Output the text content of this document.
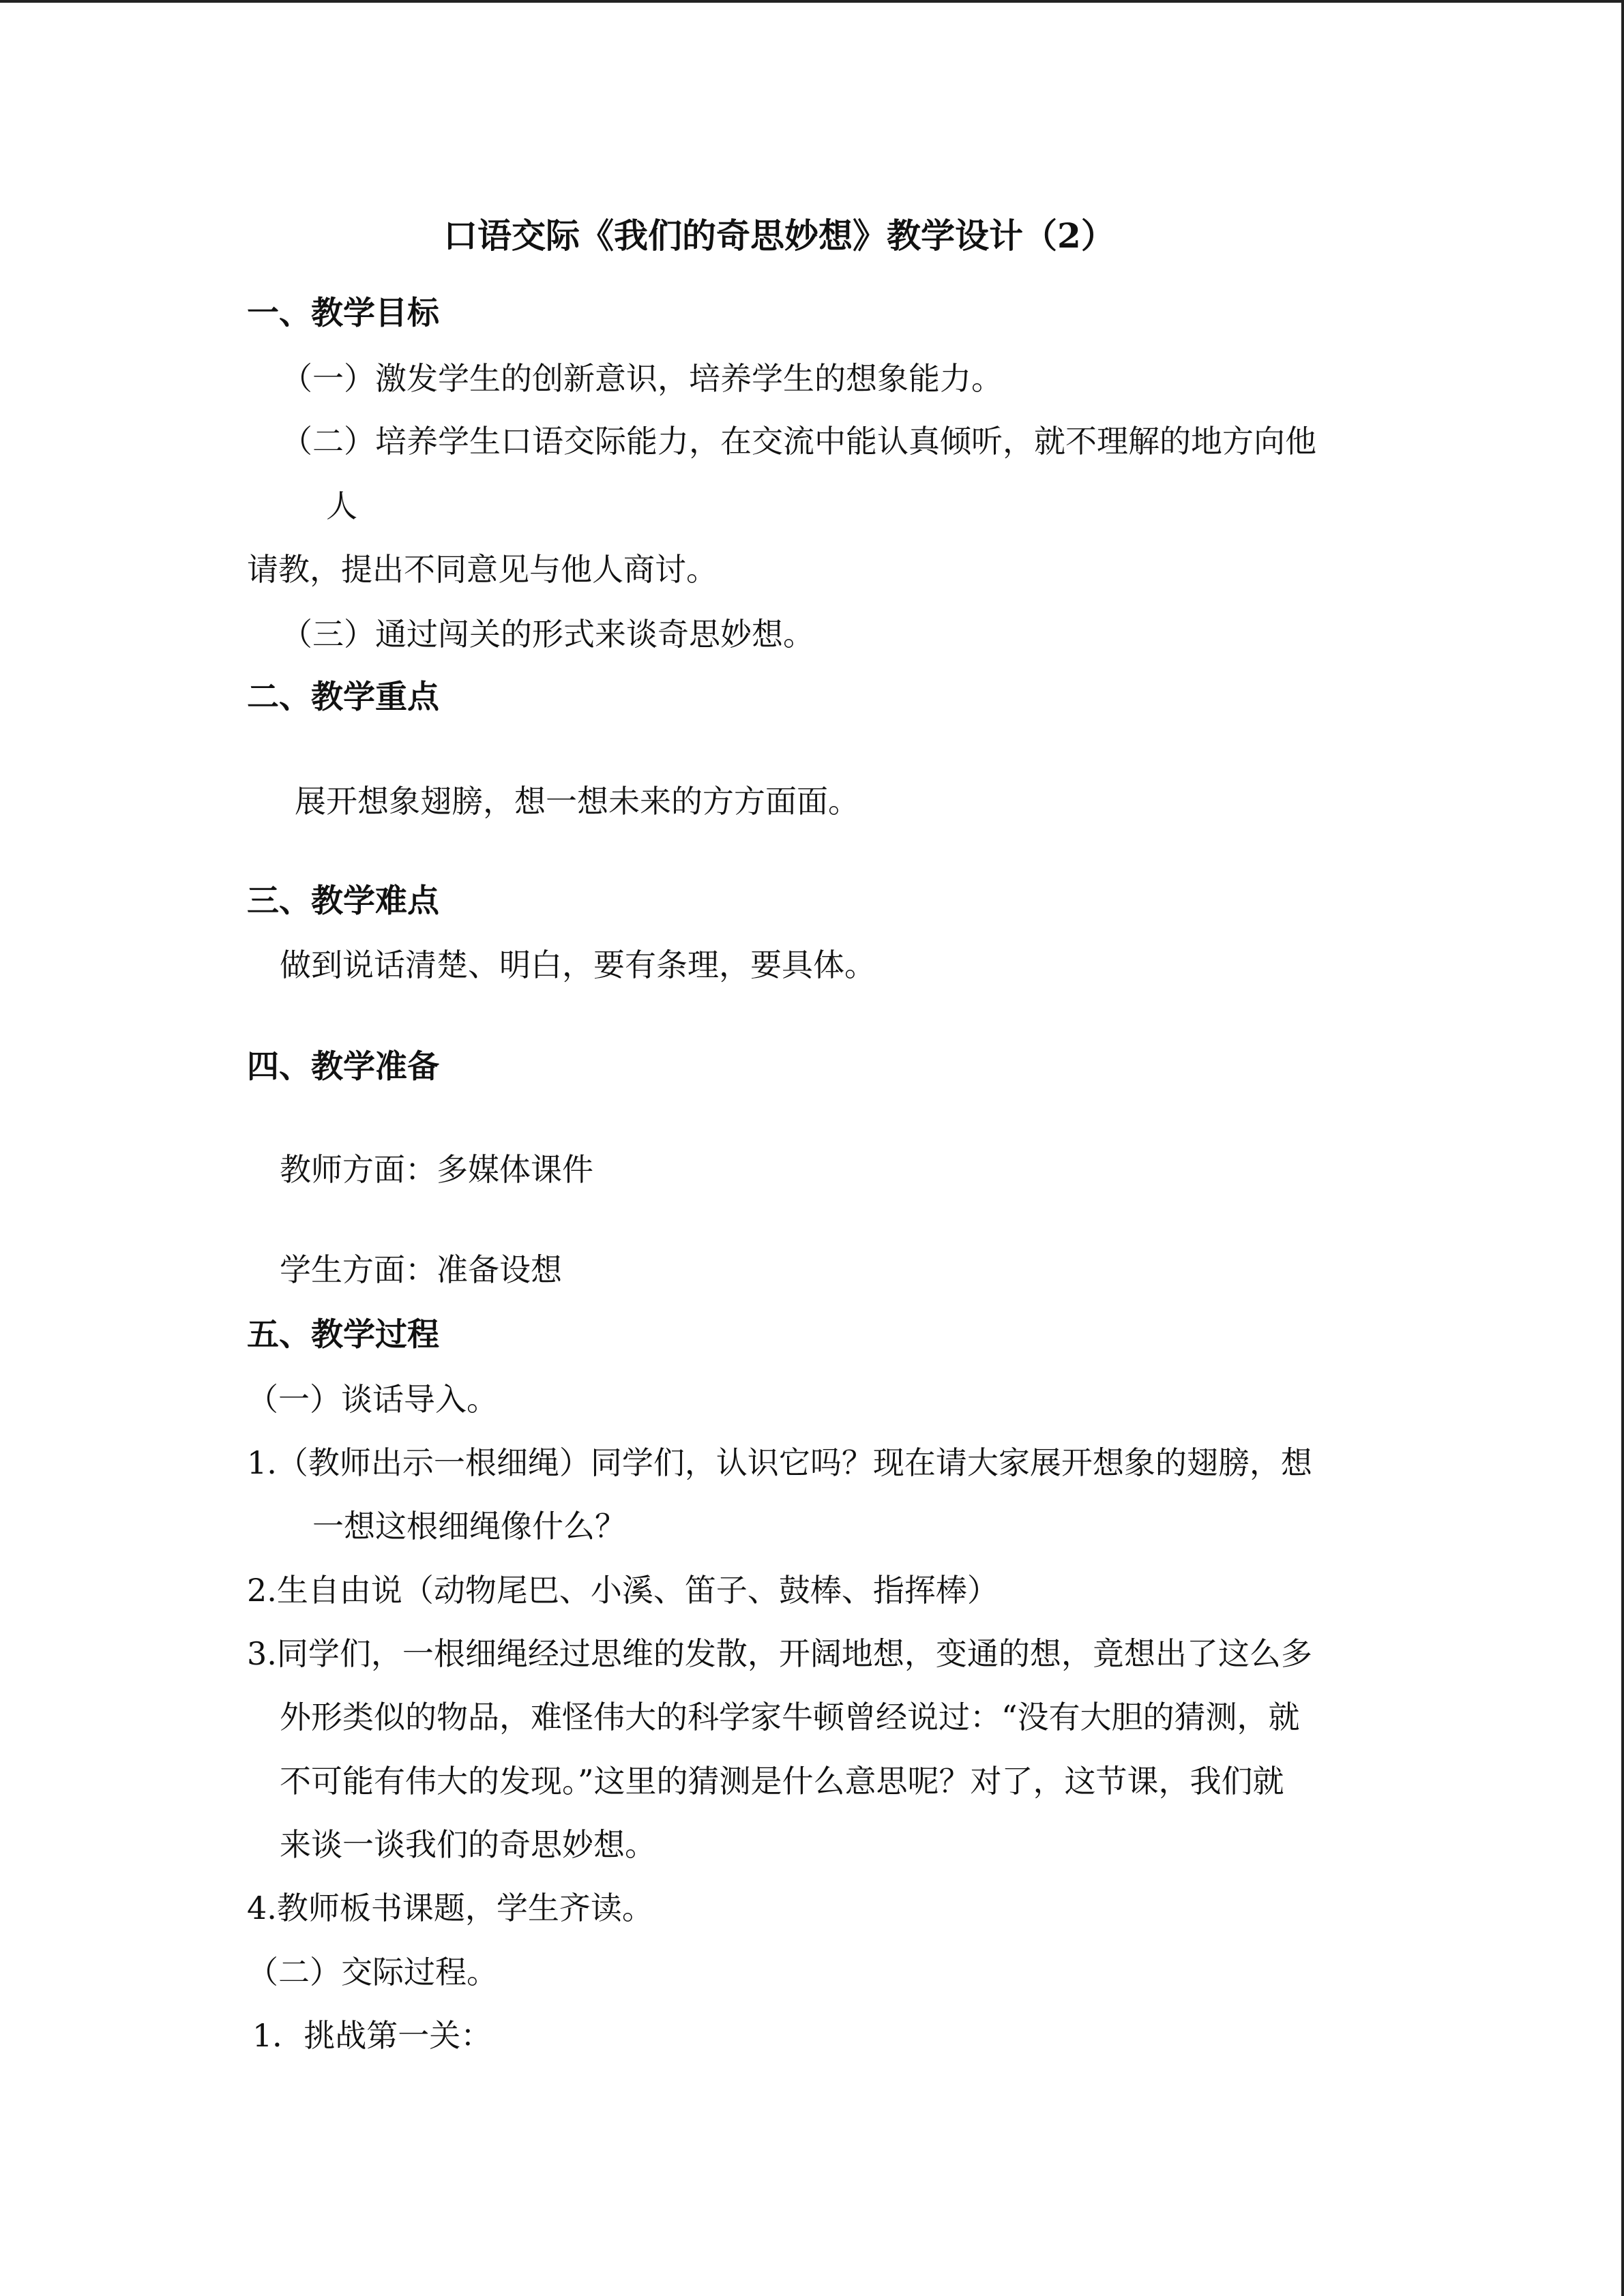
口语交际《我们的奇思妙想》教学设计（2）
一、教学目标
（一）激发学生的创新意识，培养学生的想象能力。
（二）培养学生口语交际能力，在交流中能认真倾听，就不理解的地方向他
人
请教，提出不同意见与他人商讨。
（三）通过闯关的形式来谈奇思妙想。
二、教学重点
展开想象翅膀，想一想未来的方方面面。
三、教学难点
做到说话清楚、明白，要有条理，要具体。
四、教学准备
教师方面：多媒体课件
学生方面：准备设想
五、教学过程
（一）谈话导入。
1.（教师出示一根细绳）同学们，认识它吗？现在请大家展开想象的翅膀，想
一想这根细绳像什么？
2.生自由说（动物尾巴、小溪、笛子、鼓棒、指挥棒）
3.同学们，一根细绳经过思维的发散，开阔地想，变通的想，竟想出了这么多
外形类似的物品，难怪伟大的科学家牛顿曾经说过：“没有大胆的猜测，就
不可能有伟大的发现。”这里的猜测是什么意思呢？对了，这节课，我们就
来谈一谈我们的奇思妙想。
4.教师板书课题，学生齐读。
（二）交际过程。
1．挑战第一关：
